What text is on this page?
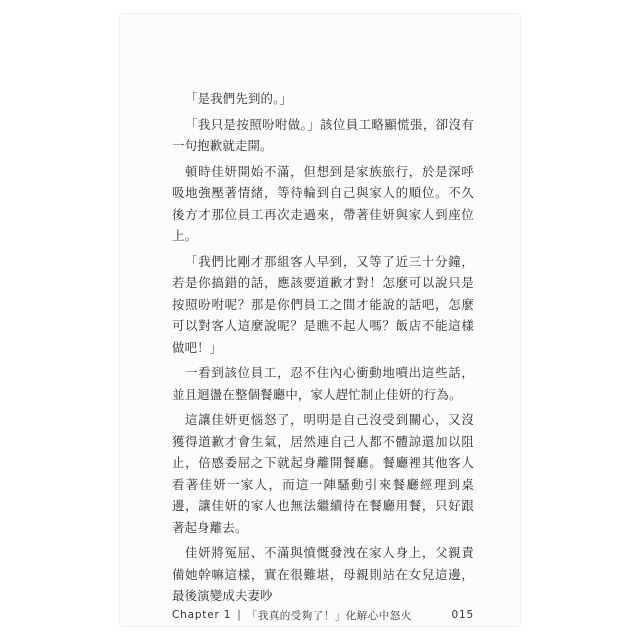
「是我們先到的。」

「我只是按照吩咐做。」該位員工略顯慌張，卻沒有一句抱歉就走開。

頓時佳妍開始不滿，但想到是家族旅行，於是深呼吸地強壓著情緒，等待輪到自己與家人的順位。不久後方才那位員工再次走過來，帶著佳妍與家人到座位上。

「我們比剛才那組客人早到，又等了近三十分鐘，若是你搞錯的話，應該要道歉才對！怎麼可以說只是按照吩咐呢？那是你們員工之間才能說的話吧，怎麼可以對客人這麼說呢？是瞧不起人嗎？飯店不能這樣做吧！」

一看到該位員工，忍不住內心衝動地噴出這些話，並且迴盪在整個餐廳中，家人趕忙制止佳妍的行為。

這讓佳妍更惱怒了，明明是自己沒受到關心，又沒獲得道歉才會生氣，居然連自己人都不體諒還加以阻止，倍感委屈之下就起身離開餐廳。餐廳裡其他客人看著佳妍一家人，而這一陣騷動引來餐廳經理到桌邊，讓佳妍的家人也無法繼續待在餐廳用餐，只好跟著起身離去。

佳妍將冤屈、不滿與憤慨發洩在家人身上，父親責備她幹嘛這樣，實在很難堪，母親則站在女兒這邊，最後演變成夫妻吵

Chapter 1 | 「我真的受夠了！」化解心中怒火	015
